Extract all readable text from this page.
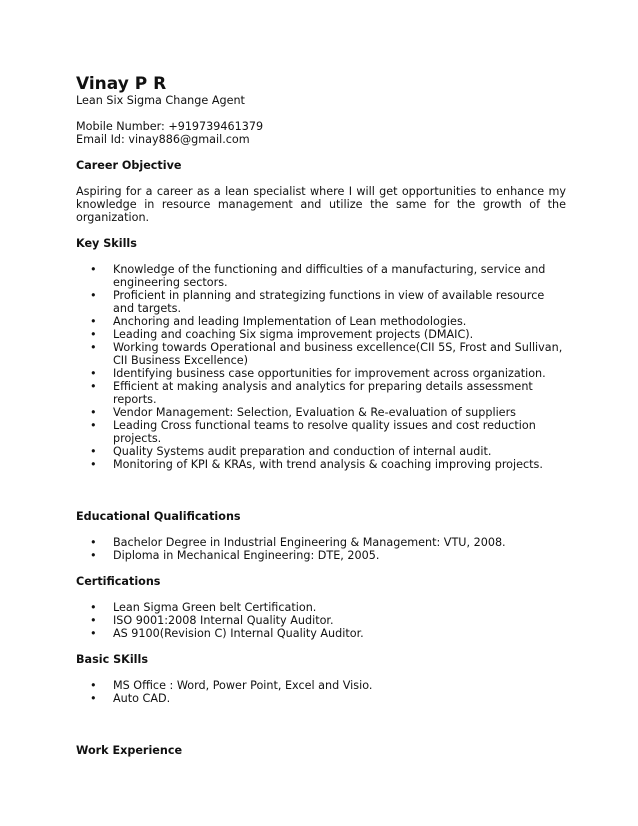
Vinay P R
Lean Six Sigma Change Agent
Mobile Number: +919739461379
Email Id: vinay886@gmail.com
Career Objective
Aspiring for a career as a lean specialist where I will get opportunities to enhance my knowledge in resource management and utilize the same for the growth of the organization.
Key Skills
• Knowledge of the functioning and difficulties of a manufacturing, service and engineering sectors.
• Proficient in planning and strategizing functions in view of available resource and targets.
• Anchoring and leading Implementation of Lean methodologies.
• Leading and coaching Six sigma improvement projects (DMAIC).
• Working towards Operational and business excellence(CII 5S, Frost and Sullivan, CII Business Excellence)
• Identifying business case opportunities for improvement across organization.
• Efficient at making analysis and analytics for preparing details assessment reports.
• Vendor Management: Selection, Evaluation & Re-evaluation of suppliers
• Leading Cross functional teams to resolve quality issues and cost reduction projects.
• Quality Systems audit preparation and conduction of internal audit.
• Monitoring of KPI & KRAs, with trend analysis & coaching improving projects.
Educational Qualifications
• Bachelor Degree in Industrial Engineering & Management: VTU, 2008.
• Diploma in Mechanical Engineering: DTE, 2005.
Certifications
• Lean Sigma Green belt Certification.
• ISO 9001:2008 Internal Quality Auditor.
• AS 9100(Revision C) Internal Quality Auditor.
Basic SKills
• MS Office : Word, Power Point, Excel and Visio.
• Auto CAD.
Work Experience
